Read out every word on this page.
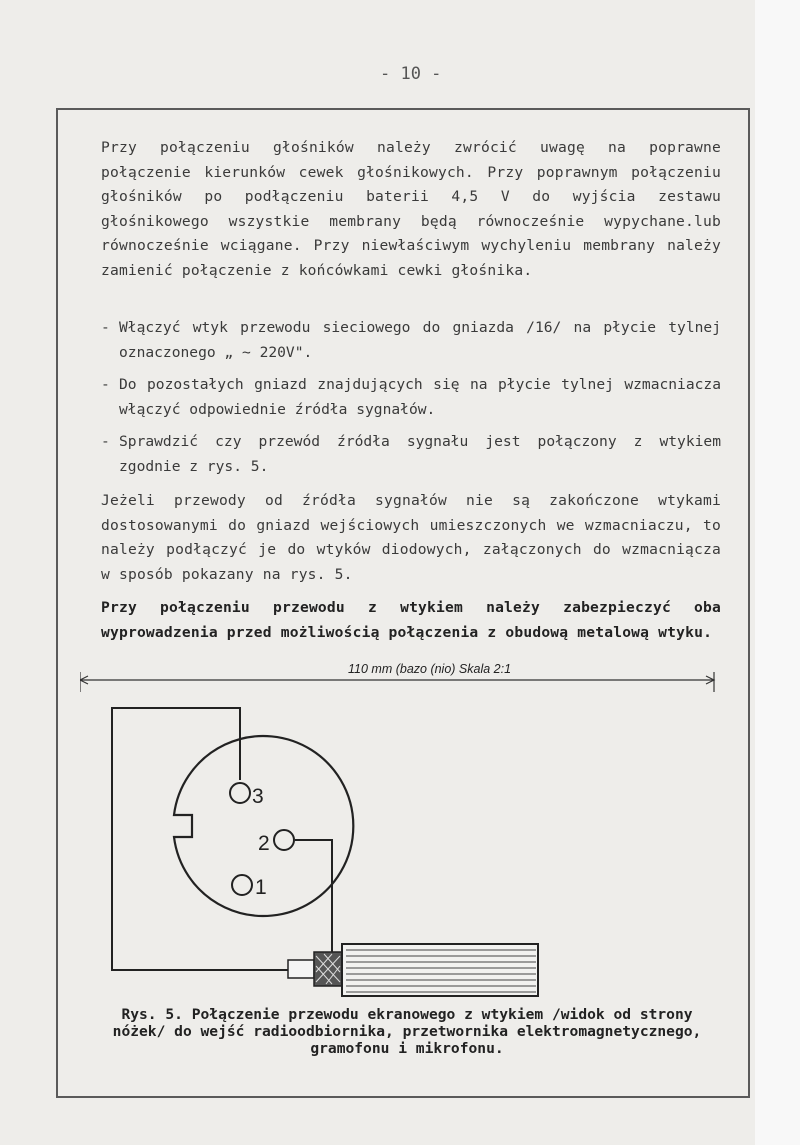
- 10 -
Przy połączeniu głośników należy zwrócić uwagę na poprawne połączenie kierunków cewek głośnikowych. Przy poprawnym połączeniu głośników po podłączeniu baterii 4,5 V do wyjścia zestawu głośnikowego wszystkie membrany będą równocześnie wypychane.lub równocześnie wciągane. Przy niewłaściwym wychyleniu membrany należy zamienić połączenie z końcówkami cewki głośnika.
- Włączyć wtyk przewodu sieciowego do gniazda /16/ na płycie tylnej oznaczonego „ ~ 220V".
- Do pozostałych gniazd znajdujących się na płycie tylnej wzmacniacza włączyć odpowiednie źródła sygnałów.
- Sprawdzić czy przewód źródła sygnału jest połączony z wtykiem zgodnie z rys. 5.
Jeżeli przewody od źródła sygnałów nie są zakończone wtykami dostosowanymi do gniazd wejściowych umieszczonych we wzmacniaczu, to należy podłączyć je do wtyków diodowych, załączonych do wzmacniącza w sposób pokazany na rys. 5.
Przy połączeniu przewodu z wtykiem należy zabezpieczyć oba wyprowadzenia przed możliwością połączenia z obudową metalową wtyku.
110 mm (bazo (nio) Skala 2:1
3
2
1
Rys. 5. Połączenie przewodu ekranowego z wtykiem /widok od strony nóżek/ do wejść radioodbiornika, przetwornika elektromagnetycznego, gramofonu i mikrofonu.
